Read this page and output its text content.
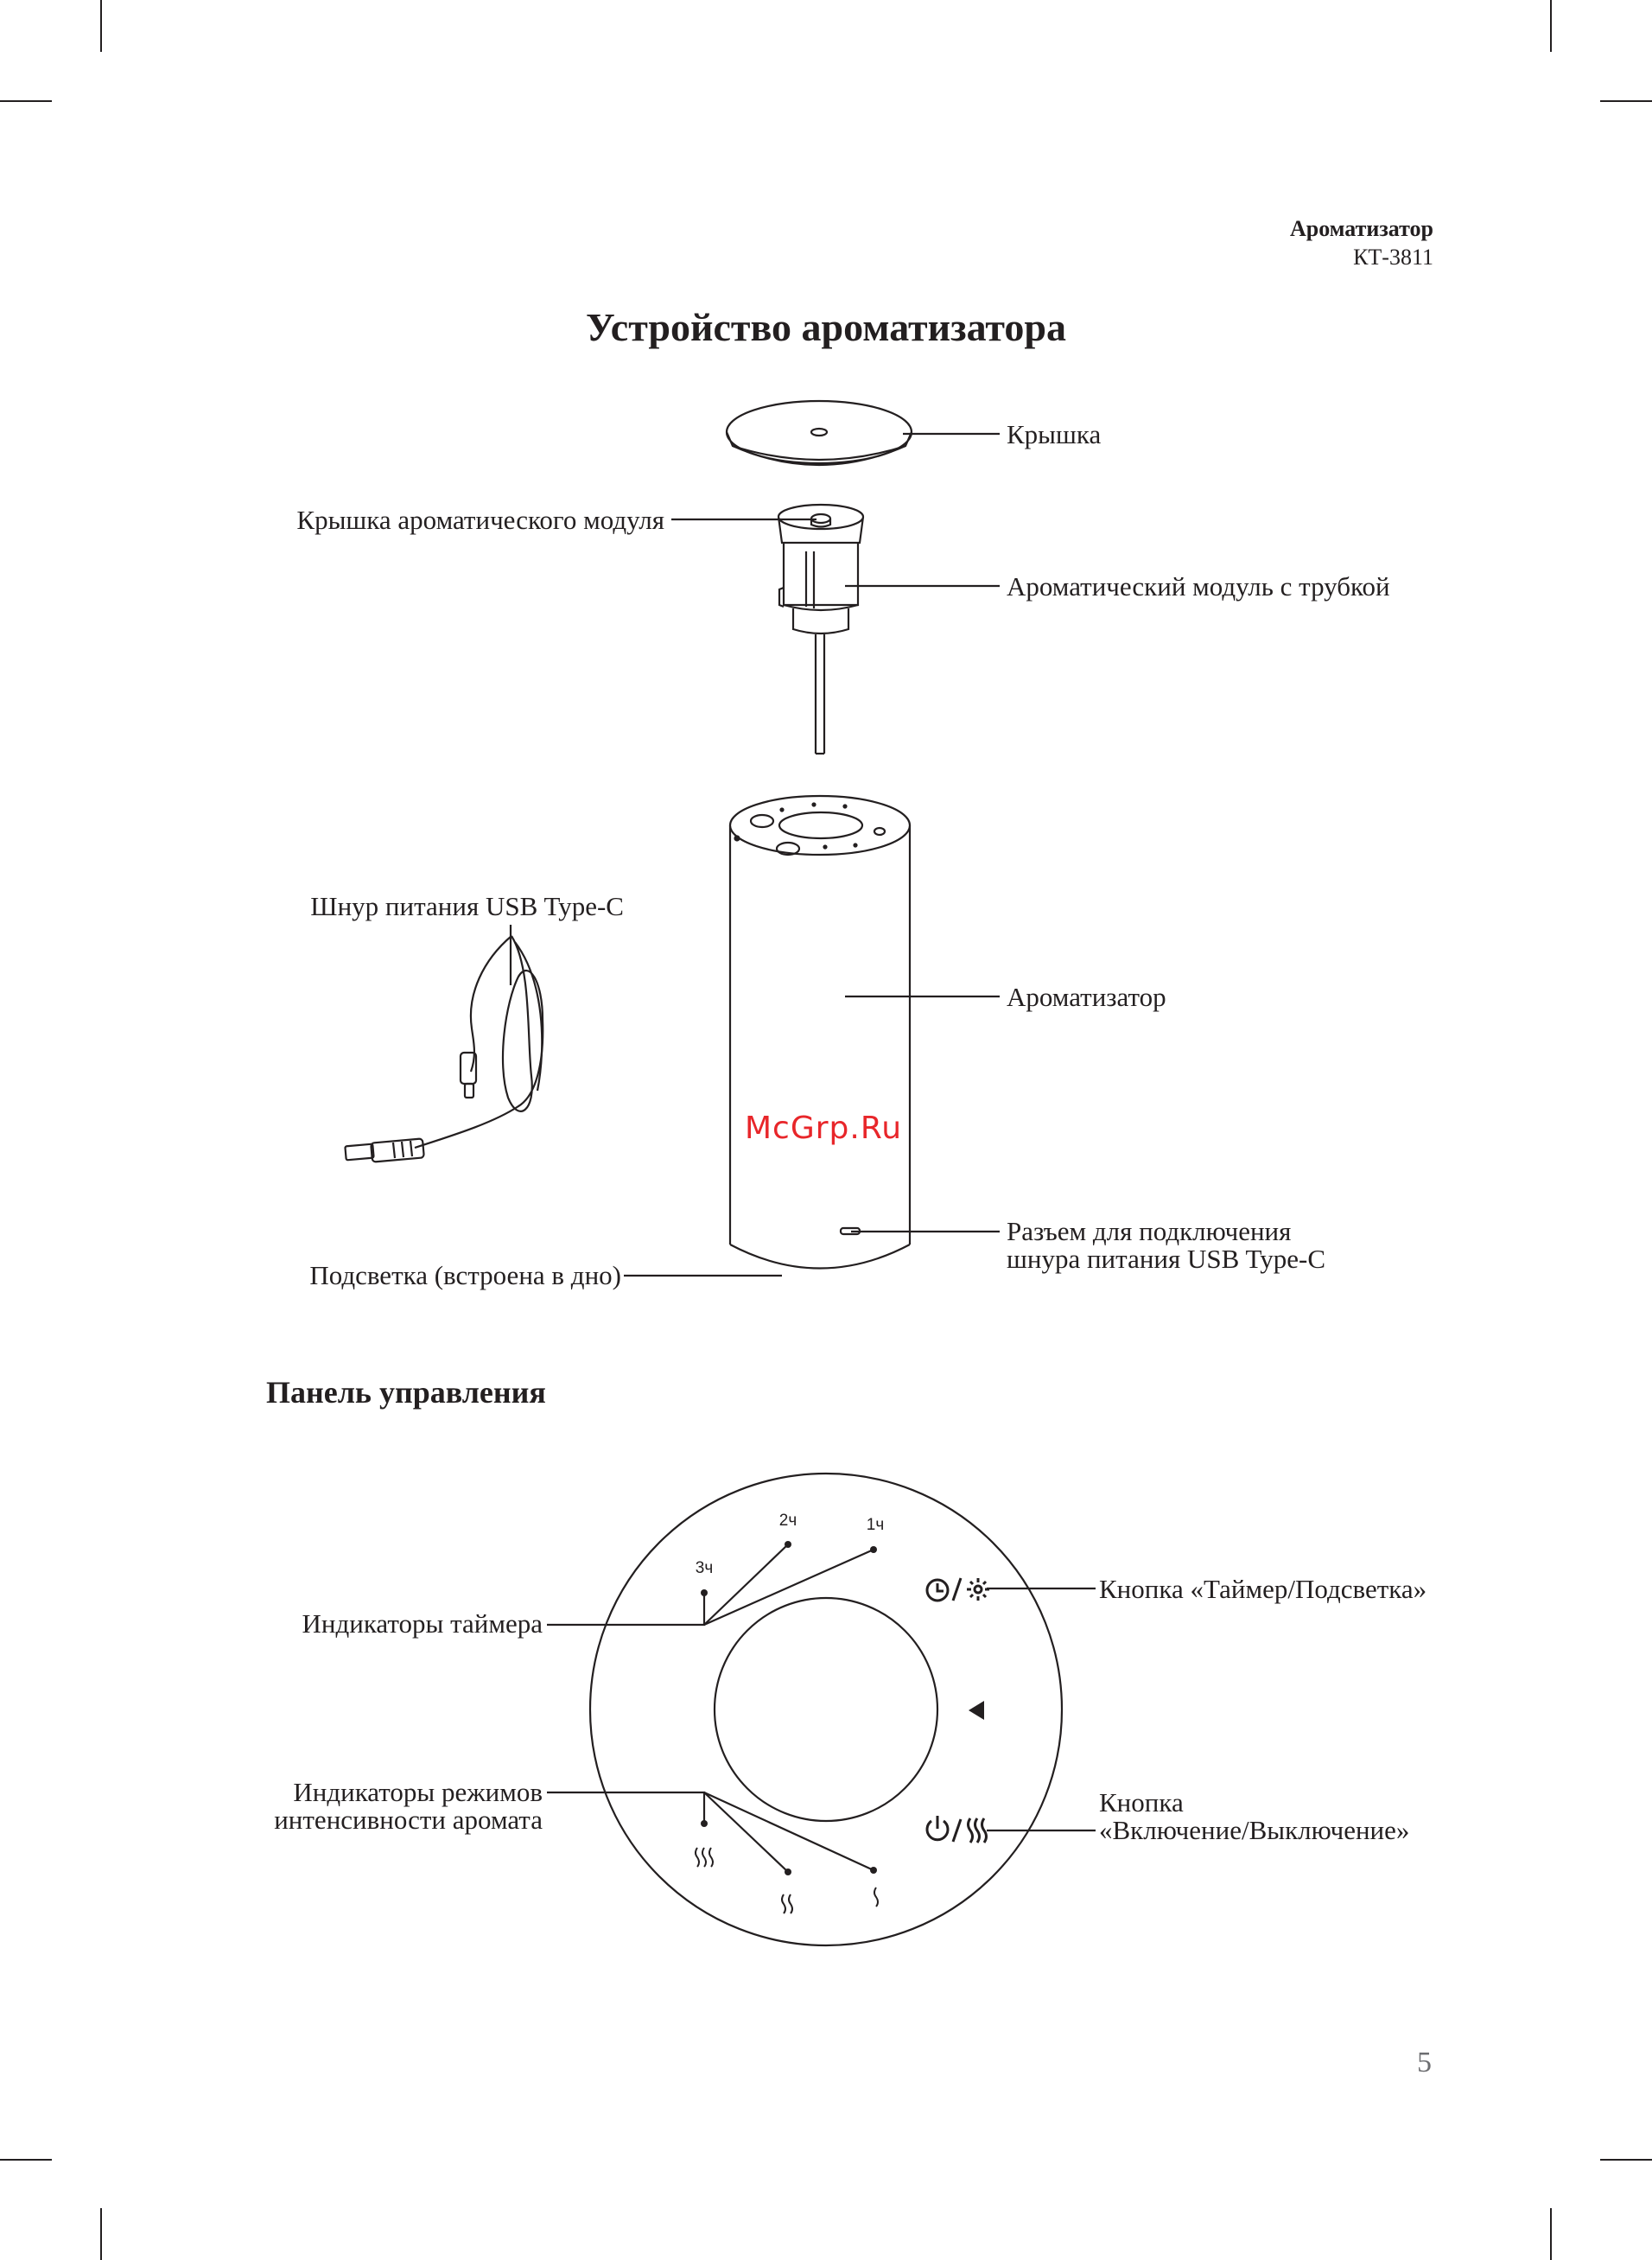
Ароматизатор
КТ-3811
Устройство ароматизатора
3ч
2ч	1ч
Крышка
Крышка ароматического модуля
Ароматический модуль с трубкой
Шнур питания USB Type-C
Ароматизатор
Разъем для подключения
шнура питания USB Type-C
Подсветка (встроена в дно)
McGrp.Ru
Панель управления
Индикаторы таймера
Кнопка «Таймер/Подсветка»
Индикаторы режимов
интенсивности аромата
Кнопка
«Включение/Выключение»
5
